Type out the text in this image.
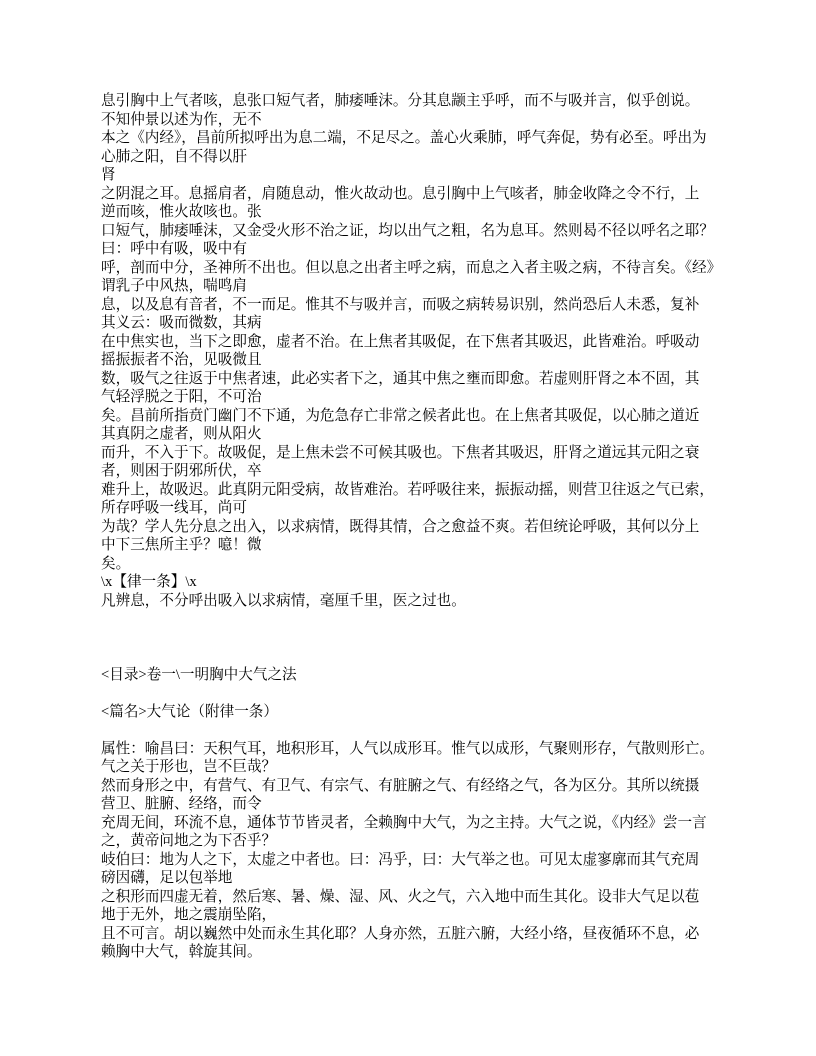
息引胸中上气者咳，息张口短气者，肺痿唾沫。分其息颛主乎呼，而不与吸并言，似乎创说。
不知仲景以述为作，无不
本之《内经》，昌前所拟呼出为息二端，不足尽之。盖心火乘肺，呼气奔促，势有必至。呼出为
心肺之阳，自不得以肝
肾
之阴混之耳。息摇肩者，肩随息动，惟火故动也。息引胸中上气咳者，肺金收降之令不行，上
逆而咳，惟火故咳也。张
口短气，肺痿唾沫，又金受火形不治之证，均以出气之粗，名为息耳。然则曷不径以呼名之耶？
曰：呼中有吸，吸中有
呼，剖而中分，圣神所不出也。但以息之出者主呼之病，而息之入者主吸之病，不待言矣。《经》
谓乳子中风热，喘鸣肩
息，以及息有音者，不一而足。惟其不与吸并言，而吸之病转易识别，然尚恐后人未悉，复补
其义云：吸而微数，其病
在中焦实也，当下之即愈，虚者不治。在上焦者其吸促，在下焦者其吸迟，此皆难治。呼吸动
摇振振者不治，见吸微且
数，吸气之往返于中焦者速，此必实者下之，通其中焦之壅而即愈。若虚则肝肾之本不固，其
气轻浮脱之于阳，不可治
矣。昌前所指贲门幽门不下通，为危急存亡非常之候者此也。在上焦者其吸促，以心肺之道近
其真阴之虚者，则从阳火
而升，不入于下。故吸促，是上焦未尝不可候其吸也。下焦者其吸迟，肝肾之道远其元阳之衰
者，则困于阴邪所伏，卒
难升上，故吸迟。此真阴元阳受病，故皆难治。若呼吸往来，振振动摇，则营卫往返之气已索，
所存呼吸一线耳，尚可
为哉？学人先分息之出入，以求病情，既得其情，合之愈益不爽。若但统论呼吸，其何以分上
中下三焦所主乎？噫！微
矣。
\x【律一条】\x
凡辨息，不分呼出吸入以求病情，毫厘千里，医之过也。

<目录>卷一\一明胸中大气之法

<篇名>大气论（附律一条）

属性：喻昌曰：天积气耳，地积形耳，人气以成形耳。惟气以成形，气聚则形存，气散则形亡。
气之关于形也，岂不巨哉？
然而身形之中，有营气、有卫气、有宗气、有脏腑之气、有经络之气，各为区分。其所以统摄
营卫、脏腑、经络，而令
充周无间，环流不息，通体节节皆灵者，全赖胸中大气，为之主持。大气之说，《内经》尝一言
之，黄帝问地之为下否乎？
岐伯曰：地为人之下，太虚之中者也。曰：冯乎，曰：大气举之也。可见太虚寥廓而其气充周
磅因礴，足以包举地
之积形而四虚无着，然后寒、暑、燥、湿、风、火之气，六入地中而生其化。设非大气足以苞
地于无外，地之震崩坠陷，
且不可言。胡以巍然中处而永生其化耶？人身亦然，五脏六腑，大经小络，昼夜循环不息，必
赖胸中大气，斡旋其间。
